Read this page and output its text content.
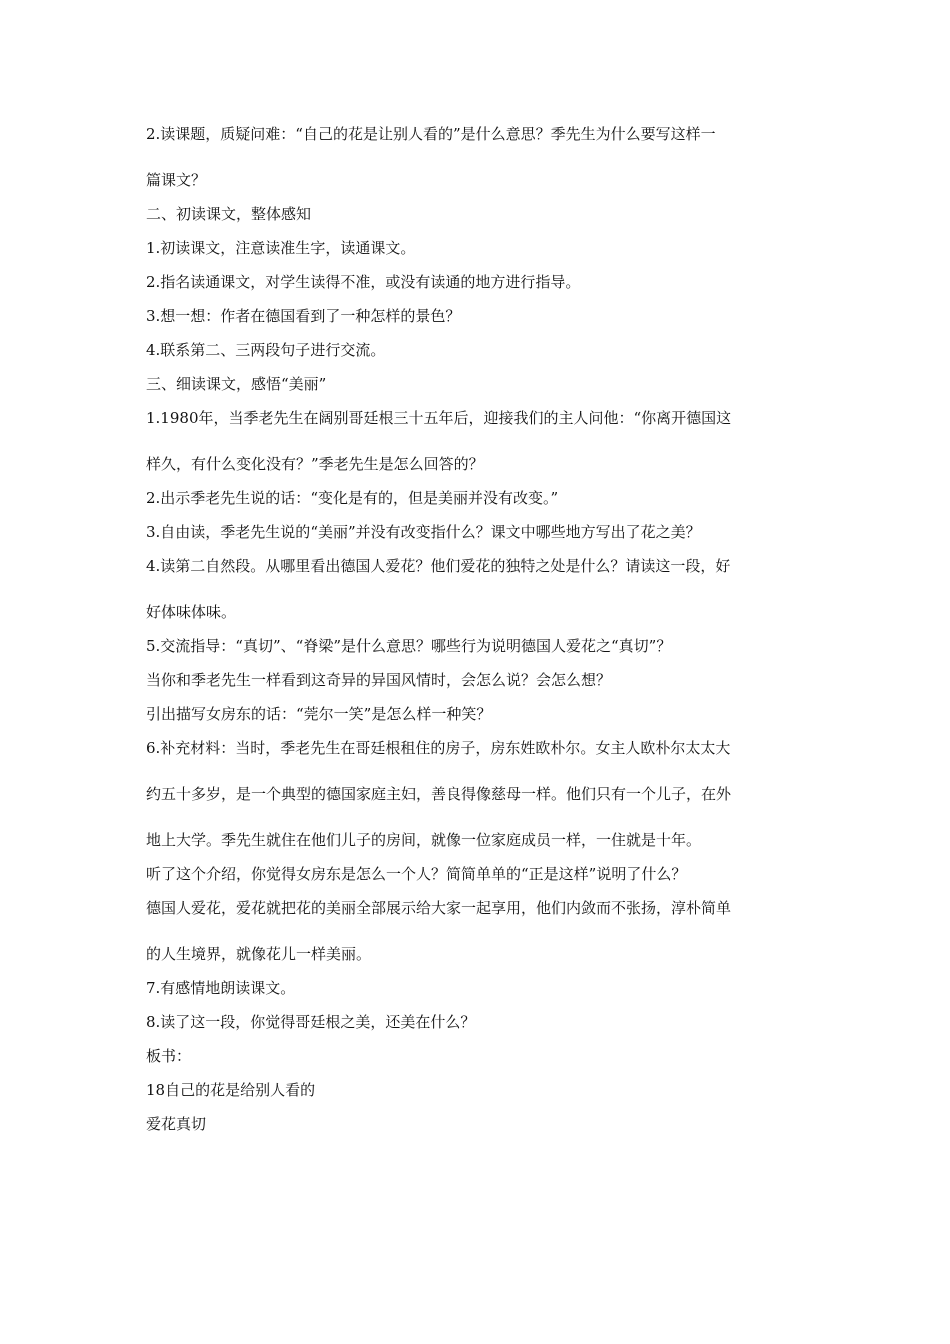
2.读课题，质疑问难：“自己的花是让别人看的”是什么意思？季先生为什么要写这样一
篇课文？
二、初读课文，整体感知
1.初读课文，注意读准生字，读通课文。
2.指名读通课文，对学生读得不准，或没有读通的地方进行指导。
3.想一想：作者在德国看到了一种怎样的景色？
4.联系第二、三两段句子进行交流。
三、细读课文，感悟“美丽”
1.1980年，当季老先生在阔别哥廷根三十五年后，迎接我们的主人问他：“你离开德国这
样久，有什么变化没有？”季老先生是怎么回答的？
2.出示季老先生说的话：“变化是有的，但是美丽并没有改变。”
3.自由读，季老先生说的“美丽”并没有改变指什么？课文中哪些地方写出了花之美？
4.读第二自然段。从哪里看出德国人爱花？他们爱花的独特之处是什么？请读这一段，好
好体味体味。
5.交流指导：“真切”、“脊梁”是什么意思？哪些行为说明德国人爱花之“真切”？
当你和季老先生一样看到这奇异的异国风情时，会怎么说？会怎么想？
引出描写女房东的话：“莞尔一笑”是怎么样一种笑？
6.补充材料：当时，季老先生在哥廷根租住的房子，房东姓欧朴尔。女主人欧朴尔太太大
约五十多岁，是一个典型的德国家庭主妇，善良得像慈母一样。他们只有一个儿子，在外
地上大学。季先生就住在他们儿子的房间，就像一位家庭成员一样，一住就是十年。
听了这个介绍，你觉得女房东是怎么一个人？简简单单的“正是这样”说明了什么？
德国人爱花，爱花就把花的美丽全部展示给大家一起享用，他们内敛而不张扬，淳朴简单
的人生境界，就像花儿一样美丽。
7.有感情地朗读课文。
8.读了这一段，你觉得哥廷根之美，还美在什么？
板书：
18自己的花是给别人看的
爱花真切
